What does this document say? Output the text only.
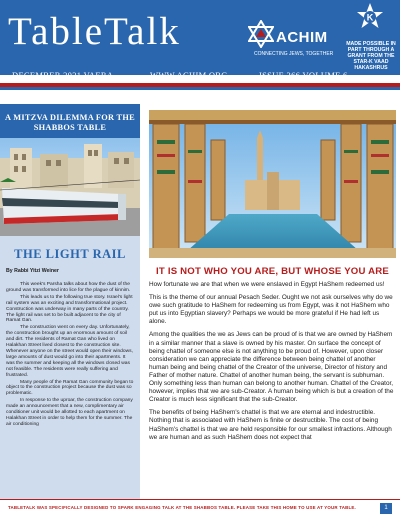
TableTalk	ACHIM
CONNECTING JEWS, TOGETHER
K
MADE POSSIBLE IN PART THROUGH A GRANT FROM THE STAR-K VAAD HAKASHRUS
DECEMBER 2021 VAERA	WWW.ACHIM.ORG	ISSUE 266 VOLUME 6
A MITZVA DILEMMA FOR THE SHABBOS TABLE
THE LIGHT RAIL
By Rabbi Yitzi Weiner

This week's Parsha talks about how the dust of the ground was transformed into lice for the plague of kinnim.

This leads us to the following true story. Israel's light rail system was an exciting and transformational project. Construction was underway in many parts of the country. The light rail was set to be built adjacent to the city of Ramat Gan.

The construction went on every day. Unfortunately, the construction brought up an enormous amount of soil and dirt. The residents of Ramat Gan who lived on Halakhan Street lived closest to the construction site. Whenever anyone on the street would open their windows, large amounts of dust would go into their apartments. It was the summer and keeping all the windows closed was not feasible. The residents were really suffering and frustrated.

Many people of the Ramat Gan community began to object to the construction project because the dust was so problematic.

In response to the uproar, the construction company made an announcement that a new, complimentary air conditioner unit would be allotted to each apartment on Halakhan Street in order to help them for the summer. The air conditioning

IT IS NOT WHO YOU ARE, BUT WHOSE YOU ARE

How fortunate we are that when we were enslaved in Egypt HaShem redeemed us!

This is the theme of our annual Pesach Seder. Ought we not ask ourselves why do we owe such gratitude to HaShem for redeeming us from Egypt, was it not HaShem who put us into Egyptian slavery? Perhaps we would be more grateful if He had left us alone.

Among the qualities the we as Jews can be proud of is that we are owned by HaShem in a similar manner that a slave is owned by his master. On surface the concept of being chattel of someone else is not anything to be proud of. However, upon closer consideration we can appreciate the difference between being chattel of another human being and being chattel of the Creator of the universe, Director of history and Father of mother nature. Chattel of another human being, the servant is subhuman. Only something less than human can belong to another human. Chattel of the Creator, however, implies that we are sub-Creator. A human being which is but a creation of the Creator is much less significant that the sub-Creator.

The benefits of being HaShem's chattel is that we are eternal and indestructible. Nothing that is associated with HaShem is finite or destructible. The cost of being HaShem's chattel is that we are held responsible for our smallest infractions. Although we are human and as such HaShem does not expect that

TABLETALK WAS SPECIFICALLY DESIGNED TO SPARK ENGAGING TALK AT THE SHABBOS TABLE. PLEASE TAKE THIS HOME TO USE AT YOUR TABLE.	1
